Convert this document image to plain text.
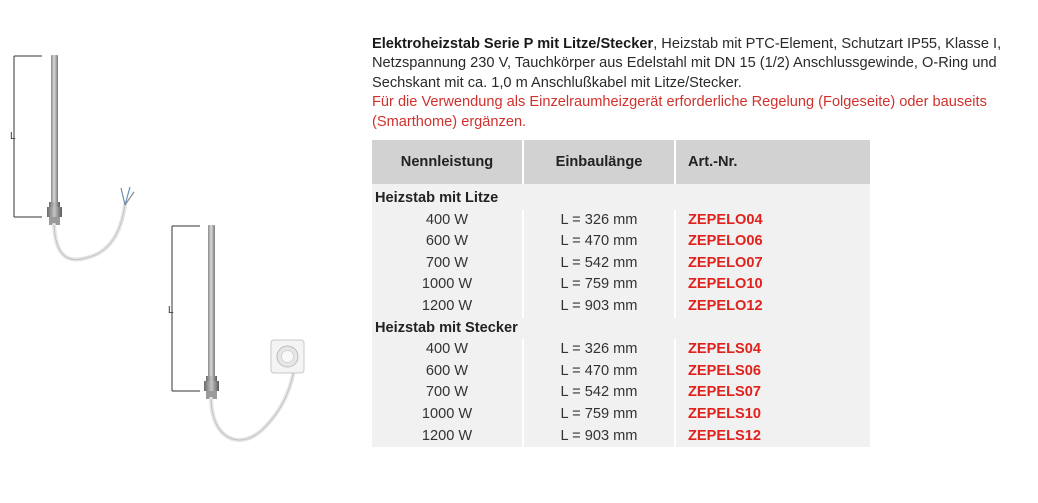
L
L
Elektroheizstab Serie P mit Litze/Stecker, Heizstab mit PTC-Element, Schutzart IP55, Klasse I, Netzspannung 230 V, Tauchkörper aus Edelstahl mit DN 15 (1/2) Anschlussgewinde, O-Ring und Sechskant mit ca. 1,0 m Anschlußkabel mit Litze/Stecker.
Für die Verwendung als Einzelraumheizgerät erforderliche Regelung (Folgeseite) oder bauseits (Smarthome) ergänzen.
Nennleistung	Einbaulänge	Art.-Nr.
Heizstab mit Litze		
400 W	L = 326 mm	ZEPELO04
600 W	L = 470 mm	ZEPELO06
700 W	L = 542 mm	ZEPELO07
1000 W	L = 759 mm	ZEPELO10
1200 W	L = 903 mm	ZEPELO12
Heizstab mit Stecker		
400 W	L = 326 mm	ZEPELS04
600 W	L = 470 mm	ZEPELS06
700 W	L = 542 mm	ZEPELS07
1000 W	L = 759 mm	ZEPELS10
1200 W	L = 903 mm	ZEPELS12
